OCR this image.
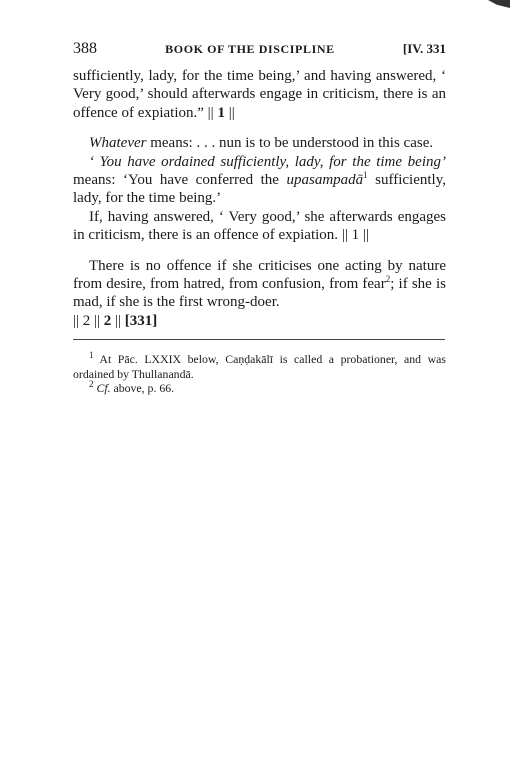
388	BOOK OF THE DISCIPLINE	[IV. 331

sufficiently, lady, for the time being,’ and having answered, ‘ Very good,’ should afterwards engage in criticism, there is an offence of expiation.” || 1 ||

Whatever means: . . . nun is to be understood in this case.

‘ You have ordained sufficiently, lady, for the time being’ means: ‘You have conferred the upasampadā$^1$ sufficiently, lady, for the time being.’

If, having answered, ‘ Very good,’ she afterwards engages in criticism, there is an offence of expiation. || 1 ||

There is no offence if she criticises one acting by nature from desire, from hatred, from confusion, from fear$^2$; if she is mad, if she is the first wrong-doer.
|| 2 || 2 || [331]

$^1$ At Pāc. LXXIX below, Caṇḍakālī is called a probationer, and was ordained by Thullanandā.

$^2$ Cf. above, p. 66.
